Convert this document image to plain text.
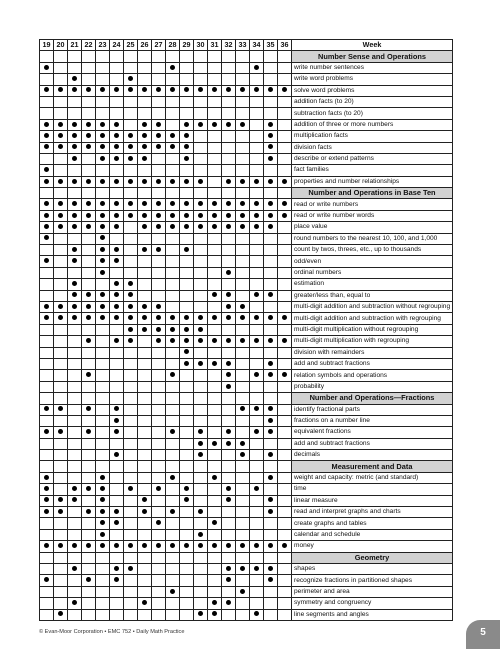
19	20	21	22	23	24	25	26	27	28	29	30	31	32	33	34	35	36	Week
																		Number Sense and Operations
																		write number sentences
																		write word problems
																		solve word problems
																		addition facts (to 20)
																		subtraction facts (to 20)
																		addition of three or more numbers
																		multiplication facts
																		division facts
																		describe or extend patterns
																		fact families
																		properties and number relationships
																		Number and Operations in Base Ten
																		read or write numbers
																		read or write number words
																		place value
																		round numbers to the nearest 10, 100, and 1,000
																		count by twos, threes, etc., up to thousands
																		odd/even
																		ordinal numbers
																		estimation
																		greater/less than, equal to
																		multi-digit addition and subtraction without regrouping
																		multi-digit addition and subtraction with regrouping
																		multi-digit multiplication without regrouping
																		multi-digit multiplication with regrouping
																		division with remainders
																		add and subtract fractions
																		relation symbols and operations
																		probability
																		Number and Operations—Fractions
																		identify fractional parts
																		fractions on a number line
																		equivalent fractions
																		add and subtract fractions
																		decimals
																		Measurement and Data
																		weight and capacity: metric (and standard)
																		time
																		linear measure
																		read and interpret graphs and charts
																		create graphs and tables
																		calendar and schedule
																		money
																		Geometry
																		shapes
																		recognize fractions in partitioned shapes
																		perimeter and area
																		symmetry and congruency
																		line segments and angles
© Evan-Moor Corporation • EMC 752 • Daily Math Practice	5
